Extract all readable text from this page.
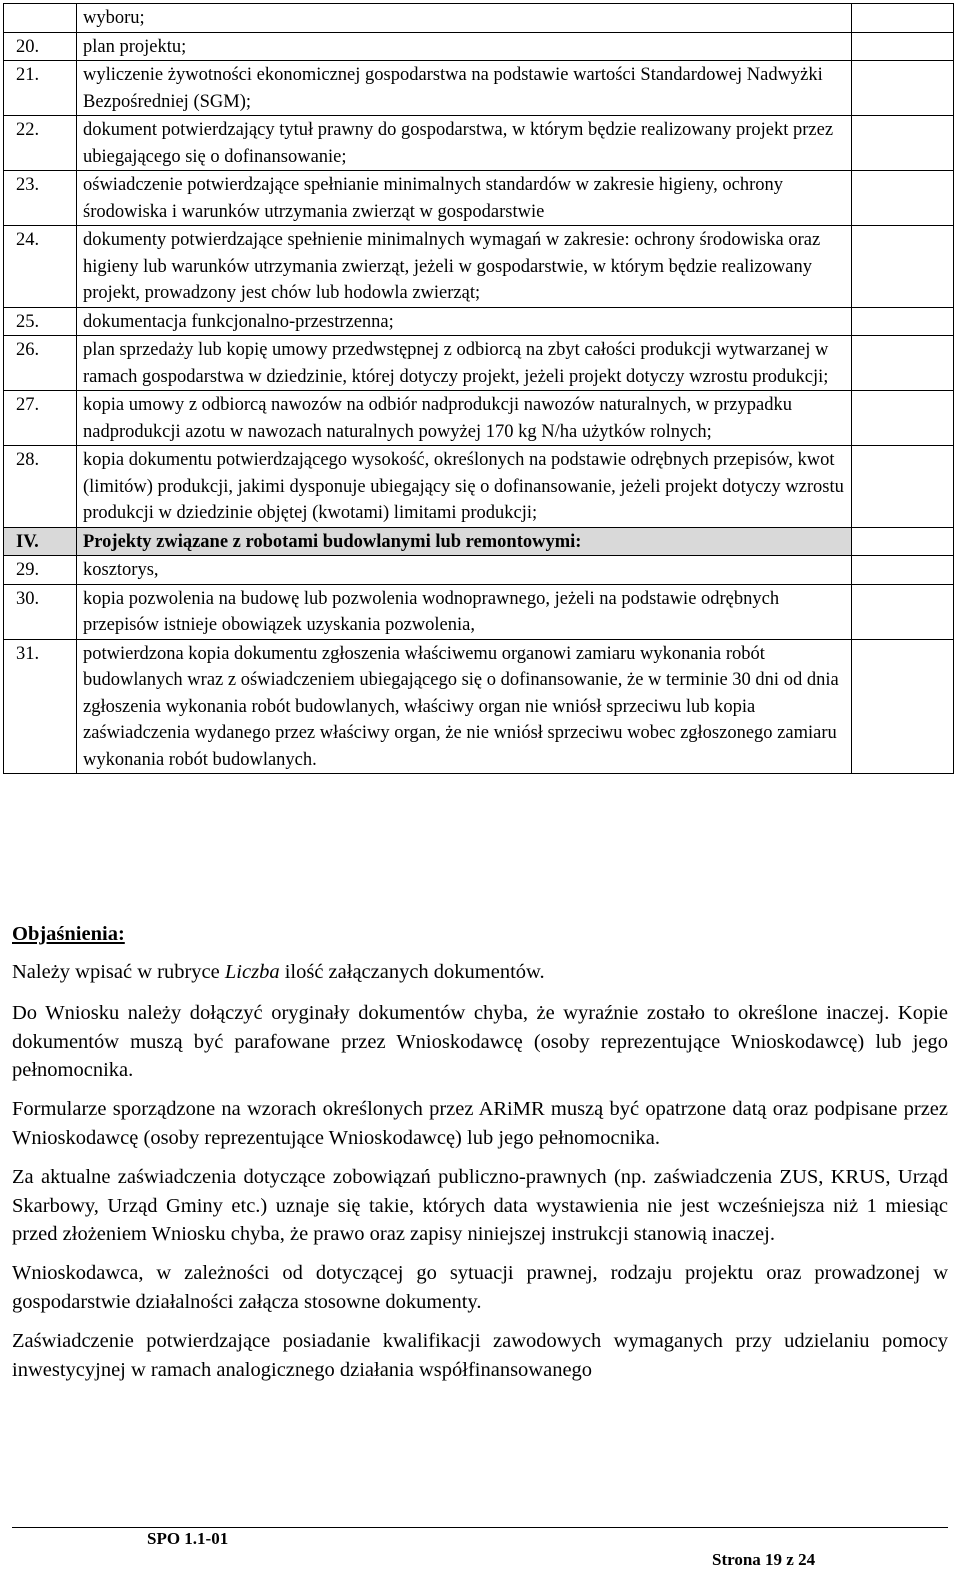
	wyboru;	
20.	plan projektu;	
21.	wyliczenie żywotności ekonomicznej gospodarstwa na podstawie wartości Standardowej Nadwyżki Bezpośredniej (SGM);	
22.	dokument potwierdzający tytuł prawny do gospodarstwa, w którym będzie realizowany projekt przez ubiegającego się o dofinansowanie;	
23.	oświadczenie potwierdzające spełnianie minimalnych standardów w zakresie higieny, ochrony środowiska i warunków utrzymania zwierząt w gospodarstwie	
24.	dokumenty potwierdzające spełnienie minimalnych wymagań w zakresie: ochrony środowiska oraz higieny lub warunków utrzymania zwierząt, jeżeli w gospodarstwie, w którym będzie realizowany projekt, prowadzony jest chów lub hodowla zwierząt;	
25.	dokumentacja funkcjonalno-przestrzenna;	
26.	plan sprzedaży lub kopię umowy przedwstępnej z odbiorcą na zbyt całości produkcji wytwarzanej w ramach gospodarstwa w dziedzinie, której dotyczy projekt, jeżeli projekt dotyczy wzrostu produkcji;	
27.	kopia umowy z odbiorcą nawozów na odbiór nadprodukcji nawozów naturalnych, w przypadku nadprodukcji azotu w nawozach naturalnych powyżej 170 kg N/ha użytków rolnych;	
28.	kopia dokumentu potwierdzającego wysokość, określonych na podstawie odrębnych przepisów, kwot (limitów) produkcji, jakimi dysponuje ubiegający się o dofinansowanie, jeżeli projekt dotyczy wzrostu produkcji w dziedzinie objętej (kwotami) limitami produkcji;	
IV.	Projekty związane z robotami budowlanymi lub remontowymi:	
29.	kosztorys,	
30.	kopia pozwolenia na budowę lub pozwolenia wodnoprawnego, jeżeli na podstawie odrębnych przepisów istnieje obowiązek uzyskania pozwolenia,	
31.	potwierdzona kopia dokumentu zgłoszenia właściwemu organowi zamiaru wykonania robót budowlanych wraz z oświadczeniem ubiegającego się o dofinansowanie, że w terminie 30 dni od dnia zgłoszenia wykonania robót budowlanych, właściwy organ nie wniósł sprzeciwu lub kopia zaświadczenia wydanego przez właściwy organ, że nie wniósł sprzeciwu wobec zgłoszonego zamiaru wykonania robót budowlanych.	
Objaśnienia:

Należy wpisać w rubryce Liczba ilość załączanych dokumentów.

Do Wniosku należy dołączyć oryginały dokumentów chyba, że wyraźnie zostało to określone inaczej. Kopie dokumentów muszą być parafowane przez Wnioskodawcę (osoby reprezentujące Wnioskodawcę) lub jego pełnomocnika.

Formularze sporządzone na wzorach określonych przez ARiMR muszą być opatrzone datą oraz podpisane przez Wnioskodawcę (osoby reprezentujące Wnioskodawcę) lub jego pełnomocnika.

Za aktualne zaświadczenia dotyczące zobowiązań publiczno-prawnych (np. zaświadczenia ZUS, KRUS, Urząd Skarbowy, Urząd Gminy etc.) uznaje się takie, których data wystawienia nie jest wcześniejsza niż 1 miesiąc przed złożeniem Wniosku chyba, że prawo oraz zapisy niniejszej instrukcji stanowią inaczej.

Wnioskodawca, w zależności od dotyczącej go sytuacji prawnej, rodzaju projektu oraz prowadzonej w gospodarstwie działalności załącza stosowne dokumenty.

Zaświadczenie potwierdzające posiadanie kwalifikacji zawodowych wymaganych przy udzielaniu pomocy inwestycyjnej w ramach analogicznego działania współfinansowanego

SPO 1.1-01
Strona 19 z 24
